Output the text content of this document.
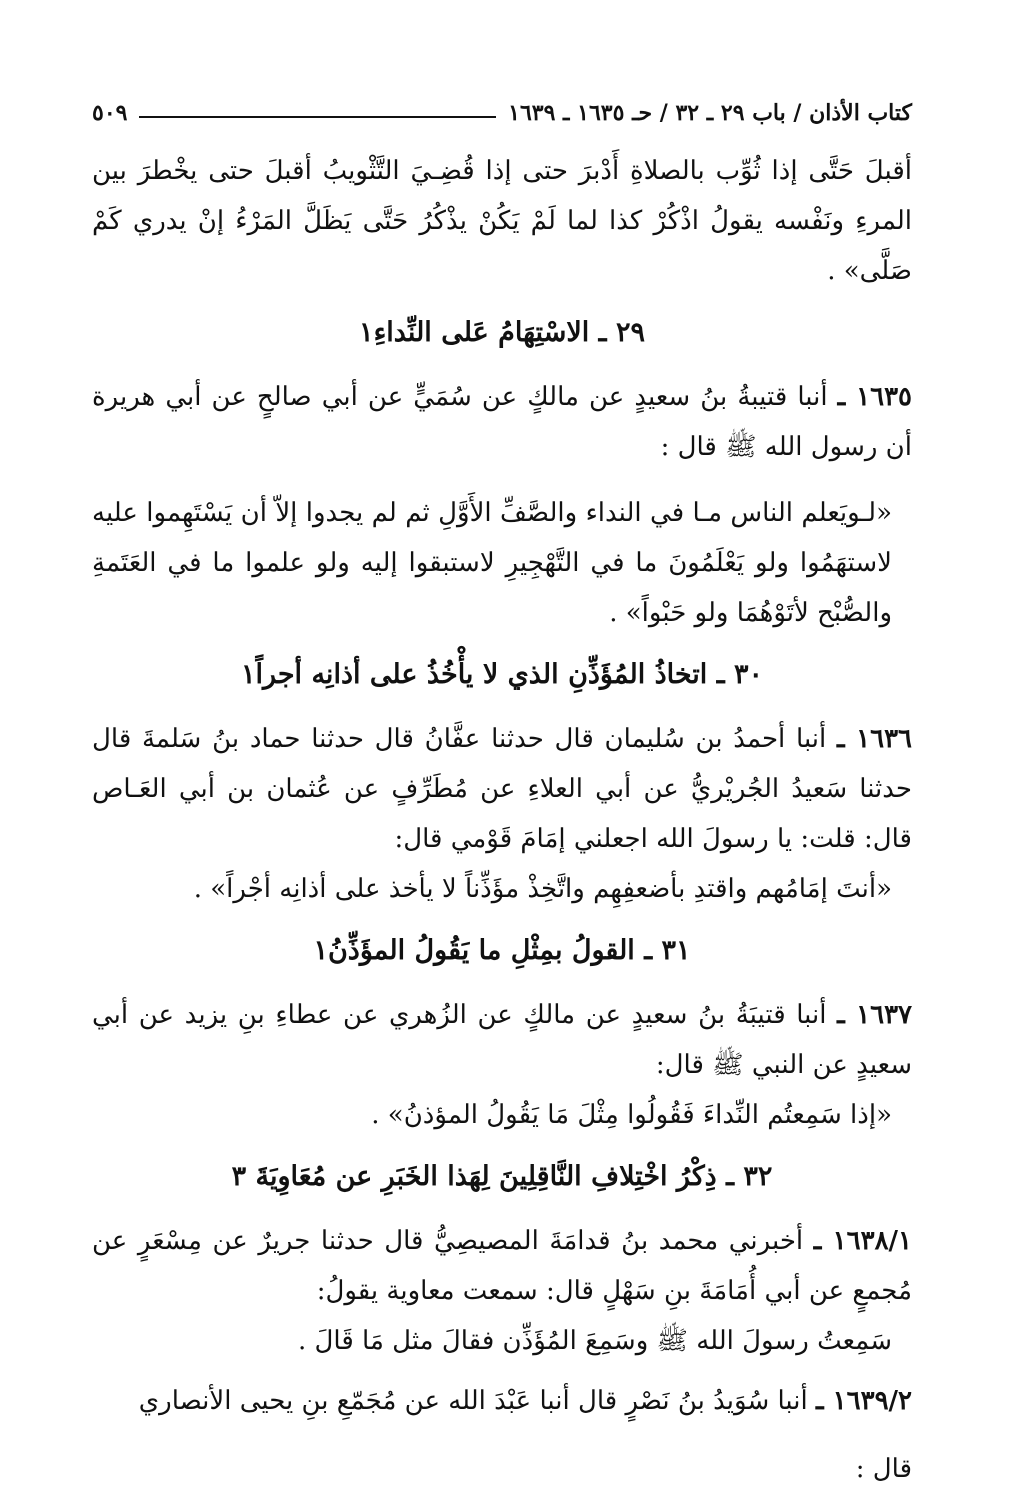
كتاب الأذان / باب ٢٩ ـ ٣٢ / حـ ١٦٣٥ ـ ١٦٣٩
٥٠٩

أقبلَ حَتَّى إذا ثُوِّب بالصلاةِ أَدْبرَ حتى إذا قُضِـيَ التَّثْويبُ أقبلَ حتى يخْطرَ بين المرءِ ونَفْسه يقولُ اذْكُرْ كذا لما لَمْ يَكُنْ يذْكُرُ حَتَّى يَظَلَّ المَرْءُ إنْ يدري كَمْ صَلَّى» .

٢٩ ـ الاسْتِهَامُ عَلى النِّداءِ١

١٦٣٥ ـ أنبا قتيبةُ بنُ سعيدٍ عن مالكٍ عن سُمَيٍّ عن أبي صالحٍ عن أبي هريرة أن رسول الله ﷺ قال :

«لـويَعلم الناس مـا في النداء والصَّفِّ الأَوَّلِ ثم لم يجدوا إلاّ أن يَسْتَهِموا عليه لاستهَمُوا ولو يَعْلَمُونَ ما في التَّهْجِيرِ لاستبقوا إليه ولو علموا ما في العَتَمةِ والصُّبْح لأتَوْهُمَا ولو حَبْواً» .

٣٠ ـ اتخاذُ المُؤَذِّنِ الذي لا يأْخُذُ على أذانِه أجراً١

١٦٣٦ ـ أنبا أحمدُ بن سُليمان قال حدثنا عفَّانُ قال حدثنا حماد بنُ سَلمةَ قال حدثنا سَعيدُ الجُريْريُّ عن أبي العلاءِ عن مُطَرِّفٍ عن عُثمان بن أبي العَـاص قال: قلت: يا رسولَ الله اجعلني إمَامَ قَوْمي قال:

«أنتَ إمَامُهم واقتدِ بأضعفِهِم واتَّخِذْ مؤَذِّناً لا يأخذ على أذانِه أجْراً» .

٣١ ـ القولُ بمِثْلِ ما يَقُولُ المؤَذِّنُ١

١٦٣٧ ـ أنبا قتيبَةُ بنُ سعيدٍ عن مالكٍ عن الزُهري عن عطاءِ بنِ يزيد عن أبي سعيدٍ عن النبي ﷺ قال:

«إذا سَمِعتُم النِّداءَ فَقُولُوا مِثْلَ مَا يَقُولُ المؤذنُ» .

٣٢ ـ ذِكْرُ اخْتِلافِ النَّاقِلِينَ لِهَذا الخَبَرِ عن مُعَاوِيَةَ ٣

١٦٣٨/١ ـ أخبرني محمد بنُ قدامَةَ المصيصِيُّ قال حدثنا جريرٌ عن مِسْعَرٍ عن مُجمعٍ عن أبي أُمَامَةَ بنِ سَهْلٍ قال: سمعت معاوية يقولُ:

سَمِعتُ رسولَ الله ﷺ وسَمِعَ المُؤَذِّن فقالَ مثل مَا قَالَ .

١٦٣٩/٢ ـ أنبا سُوَيدُ بنُ نَصْرٍ قال أنبا عَبْدَ الله عن مُجَمّعِ بنِ يحيى الأنصاري

قال :
